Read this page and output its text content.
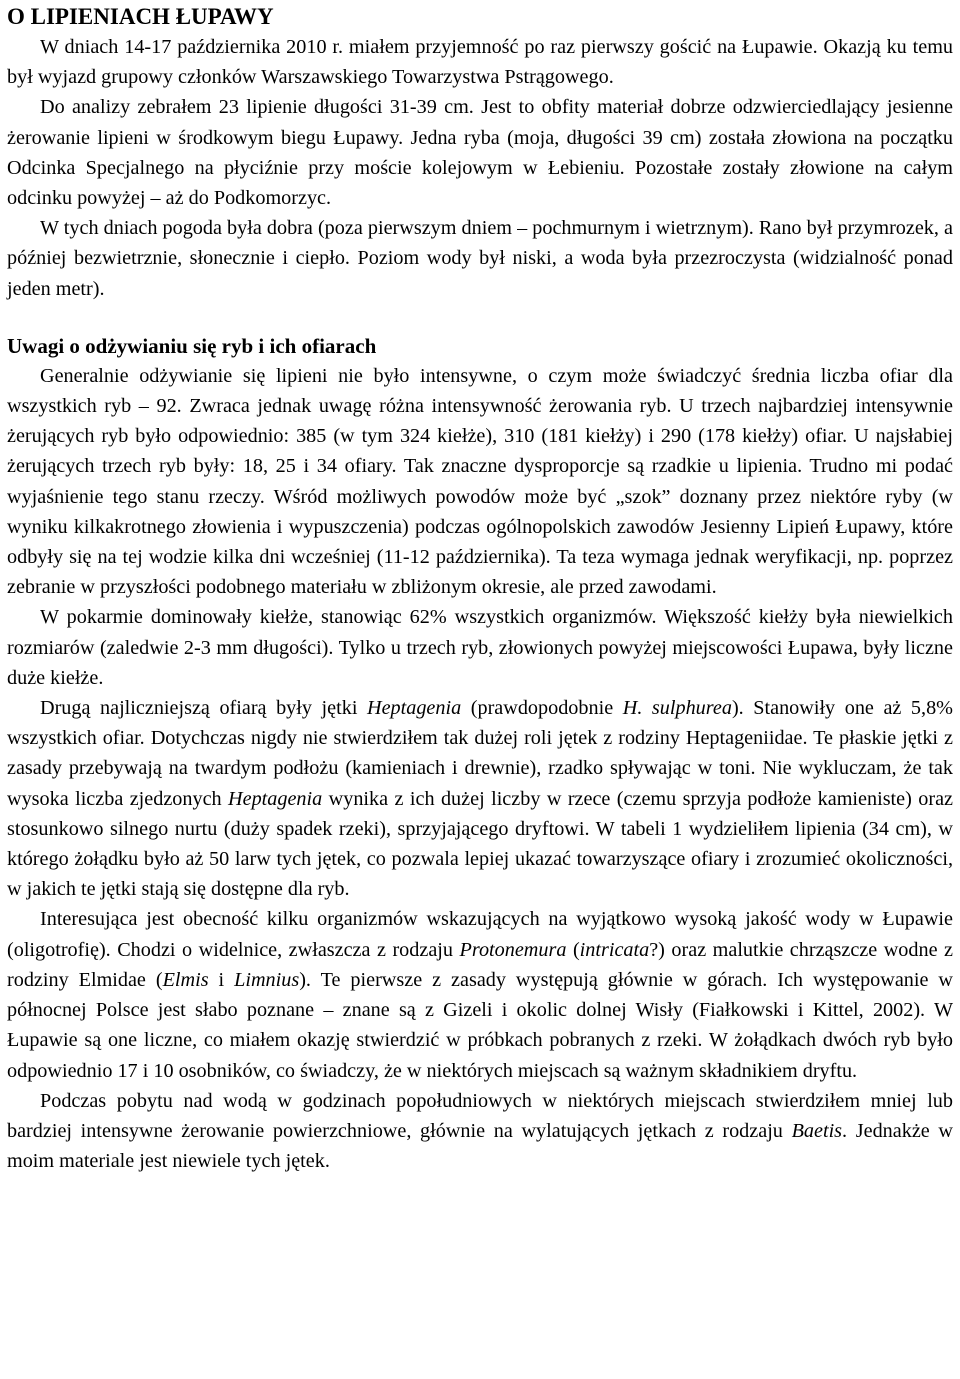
O LIPIENIACH ŁUPAWY

W dniach 14-17 października 2010 r. miałem przyjemność po raz pierwszy gościć na Łupawie. Okazją ku temu był wyjazd grupowy członków Warszawskiego Towarzystwa Pstrągowego.

Do analizy zebrałem 23 lipienie długości 31-39 cm. Jest to obfity materiał dobrze odzwierciedlający jesienne żerowanie lipieni w środkowym biegu Łupawy. Jedna ryba (moja, długości 39 cm) została złowiona na początku Odcinka Specjalnego na płyciźnie przy moście kolejowym w Łebieniu. Pozostałe zostały złowione na całym odcinku powyżej – aż do Podkomorzyc.

W tych dniach pogoda była dobra (poza pierwszym dniem – pochmurnym i wietrznym). Rano był przymrozek, a później bezwietrznie, słonecznie i ciepło. Poziom wody był niski, a woda była przezroczysta (widzialność ponad jeden metr).

Uwagi o odżywianiu się ryb i ich ofiarach

Generalnie odżywianie się lipieni nie było intensywne, o czym może świadczyć średnia liczba ofiar dla wszystkich ryb – 92. Zwraca jednak uwagę różna intensywność żerowania ryb. U trzech najbardziej intensywnie żerujących ryb było odpowiednio: 385 (w tym 324 kiełże), 310 (181 kiełży) i 290 (178 kiełży) ofiar. U najsłabiej żerujących trzech ryb były: 18, 25 i 34 ofiary. Tak znaczne dysproporcje są rzadkie u lipienia. Trudno mi podać wyjaśnienie tego stanu rzeczy. Wśród możliwych powodów może być „szok” doznany przez niektóre ryby (w wyniku kilkakrotnego złowienia i wypuszczenia) podczas ogólnopolskich zawodów Jesienny Lipień Łupawy, które odbyły się na tej wodzie kilka dni wcześniej (11-12 października). Ta teza wymaga jednak weryfikacji, np. poprzez zebranie w przyszłości podobnego materiału w zbliżonym okresie, ale przed zawodami.

W pokarmie dominowały kiełże, stanowiąc 62% wszystkich organizmów. Większość kiełży była niewielkich rozmiarów (zaledwie 2-3 mm długości). Tylko u trzech ryb, złowionych powyżej miejscowości Łupawa, były liczne duże kiełże.

Drugą najliczniejszą ofiarą były jętki Heptagenia (prawdopodobnie H. sulphurea). Stanowiły one aż 5,8% wszystkich ofiar. Dotychczas nigdy nie stwierdziłem tak dużej roli jętek z rodziny Heptageniidae. Te płaskie jętki z zasady przebywają na twardym podłożu (kamieniach i drewnie), rzadko spływając w toni. Nie wykluczam, że tak wysoka liczba zjedzonych Heptagenia wynika z ich dużej liczby w rzece (czemu sprzyja podłoże kamieniste) oraz stosunkowo silnego nurtu (duży spadek rzeki), sprzyjającego dryftowi. W tabeli 1 wydzieliłem lipienia (34 cm), w którego żołądku było aż 50 larw tych jętek, co pozwala lepiej ukazać towarzyszące ofiary i zrozumieć okoliczności, w jakich te jętki stają się dostępne dla ryb.

Interesująca jest obecność kilku organizmów wskazujących na wyjątkowo wysoką jakość wody w Łupawie (oligotrofię). Chodzi o widelnice, zwłaszcza z rodzaju Protonemura (intricata?) oraz malutkie chrząszcze wodne z rodziny Elmidae (Elmis i Limnius). Te pierwsze z zasady występują głównie w górach. Ich występowanie w północnej Polsce jest słabo poznane – znane są z Gizeli i okolic dolnej Wisły (Fiałkowski i Kittel, 2002). W Łupawie są one liczne, co miałem okazję stwierdzić w próbkach pobranych z rzeki. W żołądkach dwóch ryb było odpowiednio 17 i 10 osobników, co świadczy, że w niektórych miejscach są ważnym składnikiem dryftu.

Podczas pobytu nad wodą w godzinach popołudniowych w niektórych miejscach stwierdziłem mniej lub bardziej intensywne żerowanie powierzchniowe, głównie na wylatujących jętkach z rodzaju Baetis. Jednakże w moim materiale jest niewiele tych jętek.
